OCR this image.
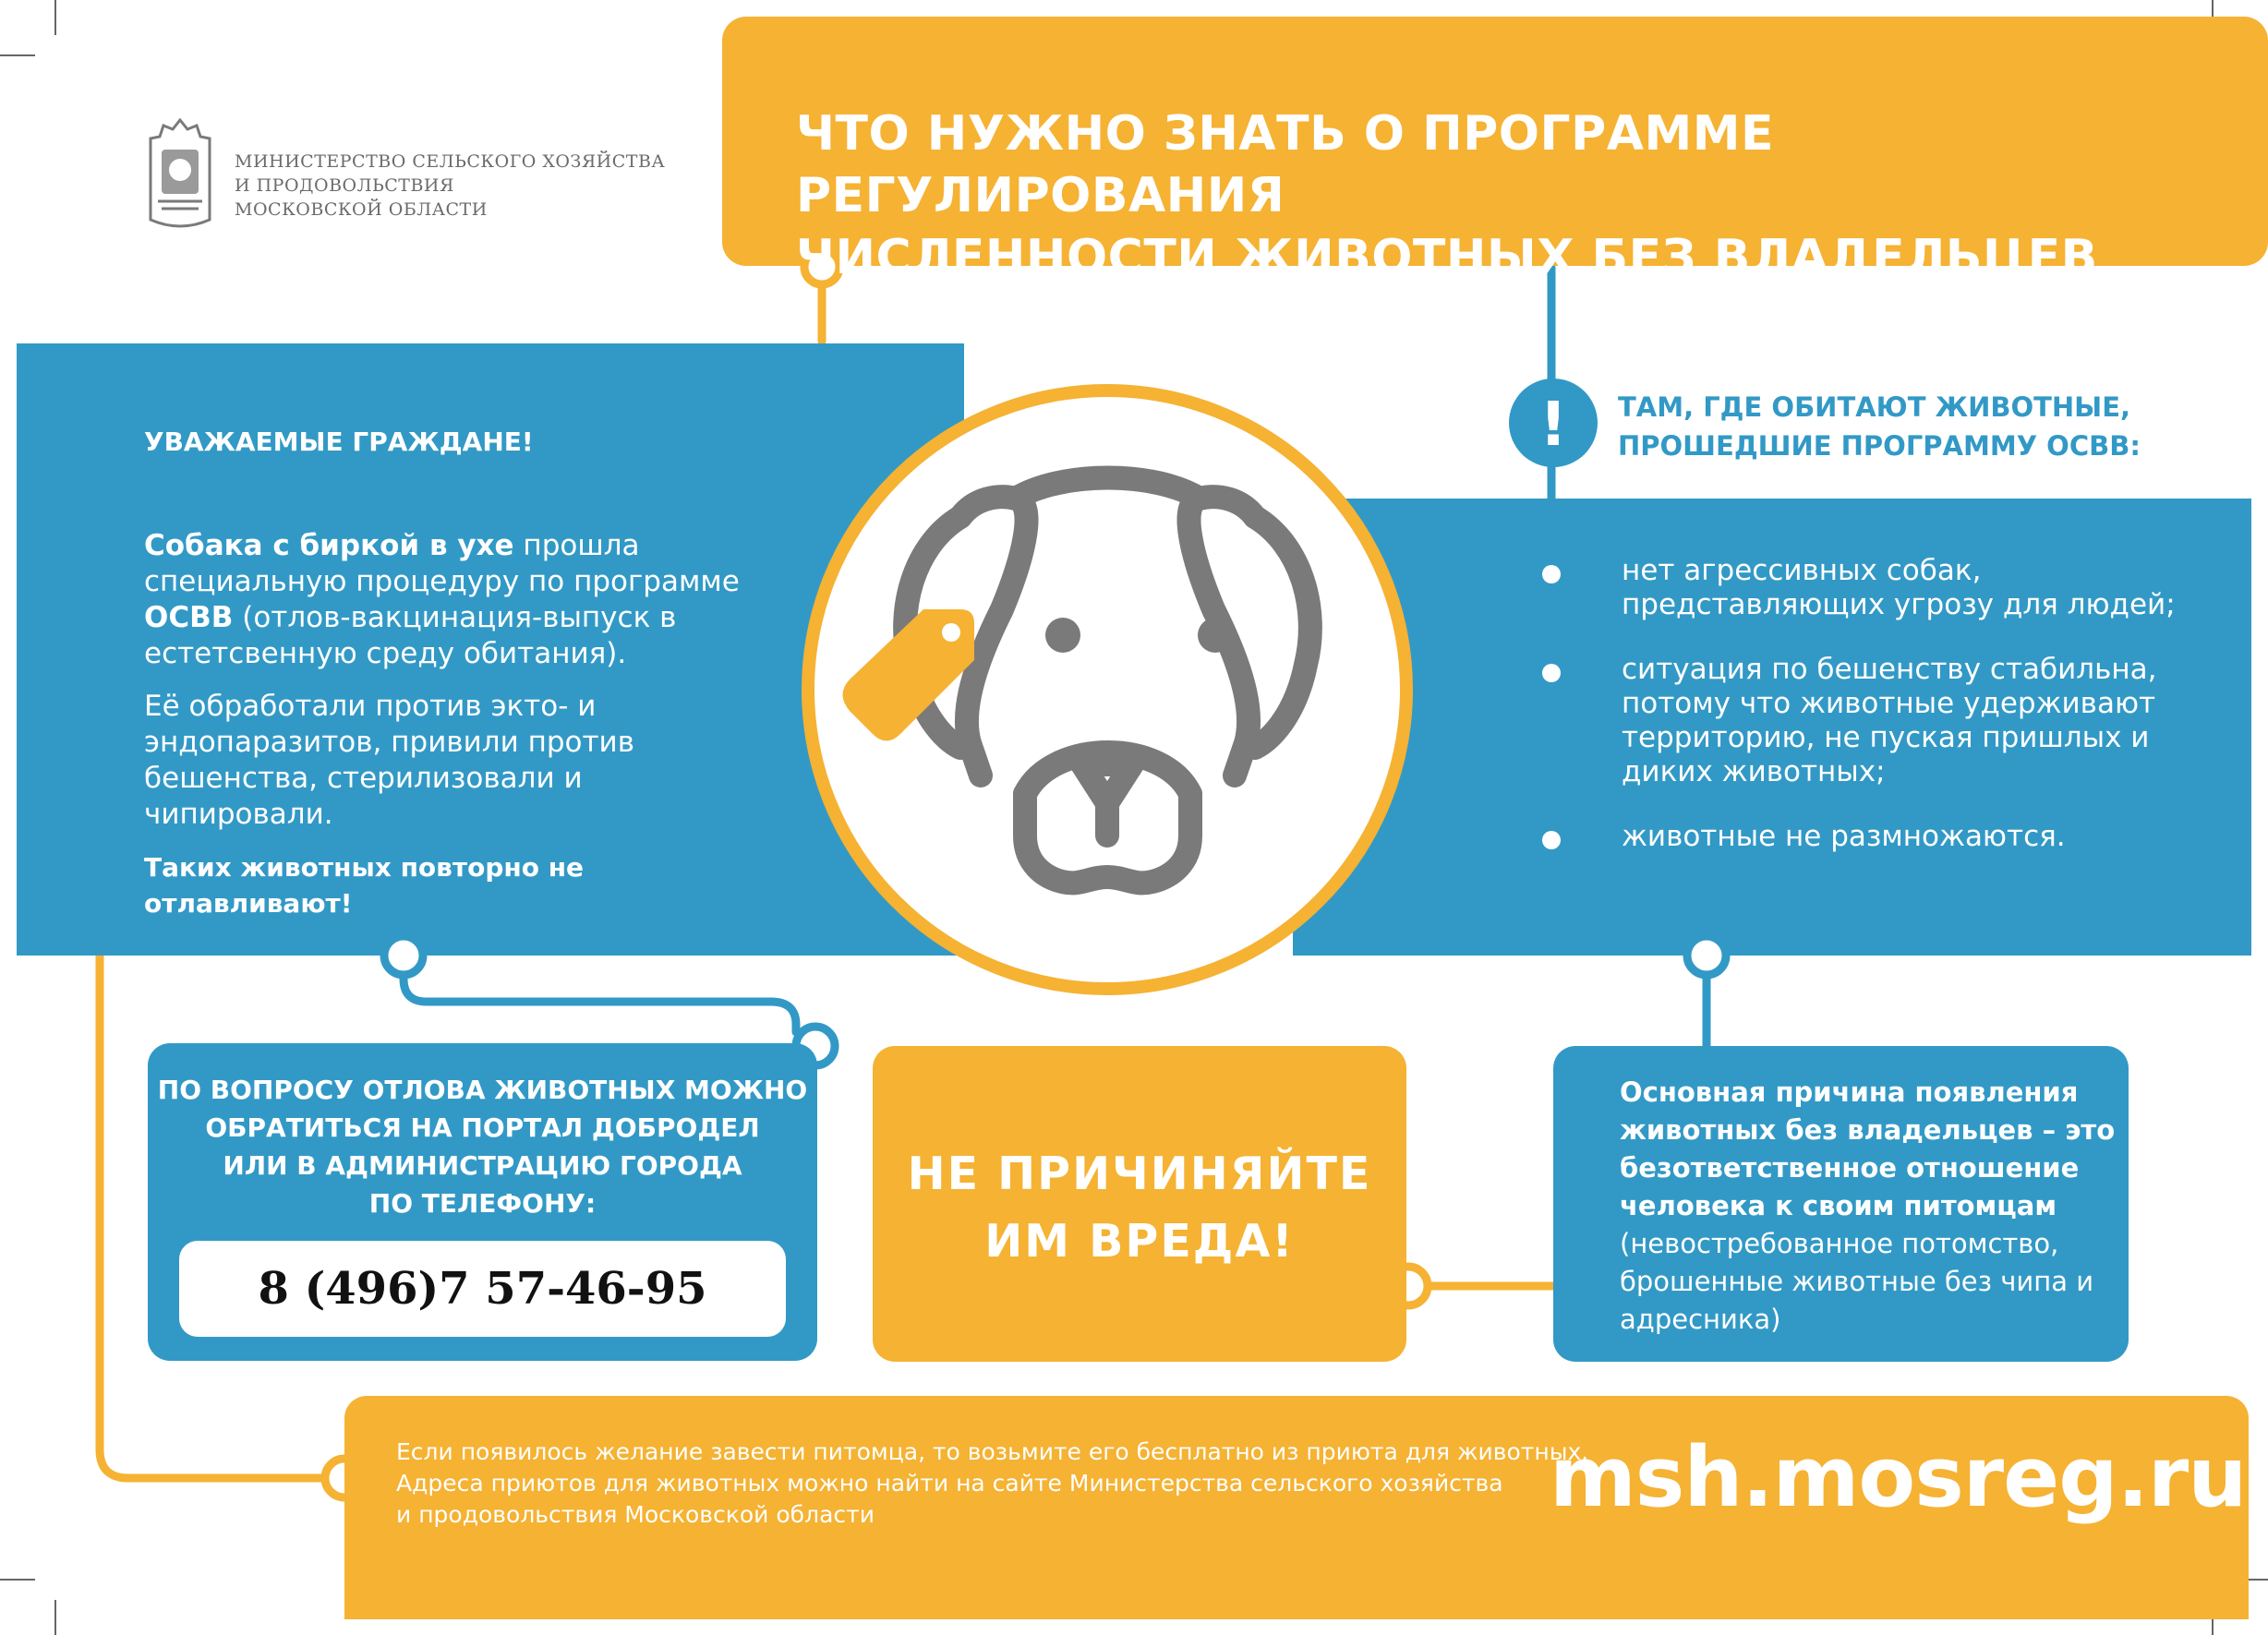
!
МИНИСТЕРСТВО СЕЛЬСКОГО ХОЗЯЙСТВА
И ПРОДОВОЛЬСТВИЯ
МОСКОВСКОЙ ОБЛАСТИ
ЧТО НУЖНО ЗНАТЬ О ПРОГРАММЕ РЕГУЛИРОВАНИЯ
ЧИСЛЕННОСТИ ЖИВОТНЫХ БЕЗ ВЛАДЕЛЬЦЕВ
УВАЖАЕМЫЕ ГРАЖДАНЕ!

Собака с биркой в ухе прошла специальную процедуру по программе ОСВВ (отлов-вакцинация-выпуск в естетсвенную среду обитания).

Её обработали против экто- и эндопаразитов, привили против бешенства, стерилизовали и чипировали.

Таких животных повторно не отлавливают!

ТАМ, ГДЕ ОБИТАЮТ ЖИВОТНЫЕ,
ПРОШЕДШИЕ ПРОГРАММУ ОСВВ:
нет агрессивных собак, представляющих угрозу для людей;
ситуация по бешенству стабильна, потому что животные удерживают территорию, не пуская пришлых и диких животных;
животные не размножаются.
ПО ВОПРОСУ ОТЛОВА ЖИВОТНЫХ МОЖНО
ОБРАТИТЬСЯ НА ПОРТАЛ ДОБРОДЕЛ
ИЛИ В АДМИНИСТРАЦИЮ ГОРОДА
ПО ТЕЛЕФОНУ:
8 (496)7 57-46-95
НЕ ПРИЧИНЯЙТЕ
ИМ ВРЕДА!
Основная причина появления животных без владельцев – это безответственное отношение человека к своим питомцам (невостребованное потомство, брошенные животные без чипа и адресника)
Если появилось желание завести питомца, то возьмите его бесплатно из приюта для животных.
Адреса приютов для животных можно найти на сайте Министерства сельского хозяйства
и продовольствия Московской области	msh.mosreg.ru
